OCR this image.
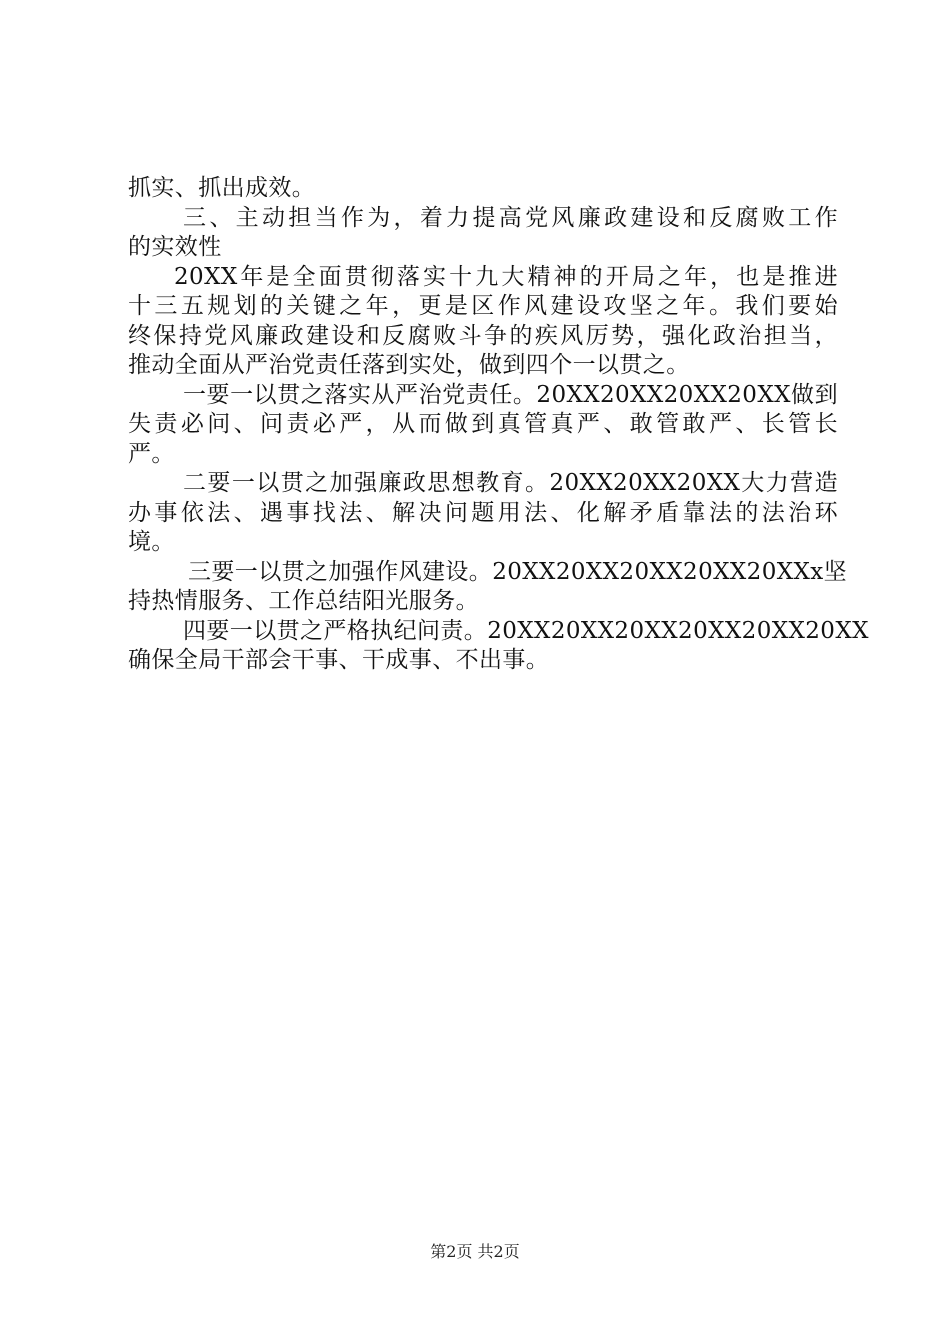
抓实、抓出成效。
三、主动担当作为，着力提高党风廉政建设和反腐败工作
的实效性
20XX年是全面贯彻落实十九大精神的开局之年，也是推进
十三五规划的关键之年，更是区作风建设攻坚之年。我们要始
终保持党风廉政建设和反腐败斗争的疾风厉势，强化政治担当，
推动全面从严治党责任落到实处，做到四个一以贯之。
一要一以贯之落实从严治党责任。20XX20XX20XX20XX做到
失责必问、问责必严，从而做到真管真严、敢管敢严、长管长
严。
二要一以贯之加强廉政思想教育。20XX20XX20XX大力营造
办事依法、遇事找法、解决问题用法、化解矛盾靠法的法治环
境。
三要一以贯之加强作风建设。20XX20XX20XX20XX20XXx坚
持热情服务、工作总结阳光服务。
四要一以贯之严格执纪问责。20XX20XX20XX20XX20XX20XX
确保全局干部会干事、干成事、不出事。
第2页 共2页
